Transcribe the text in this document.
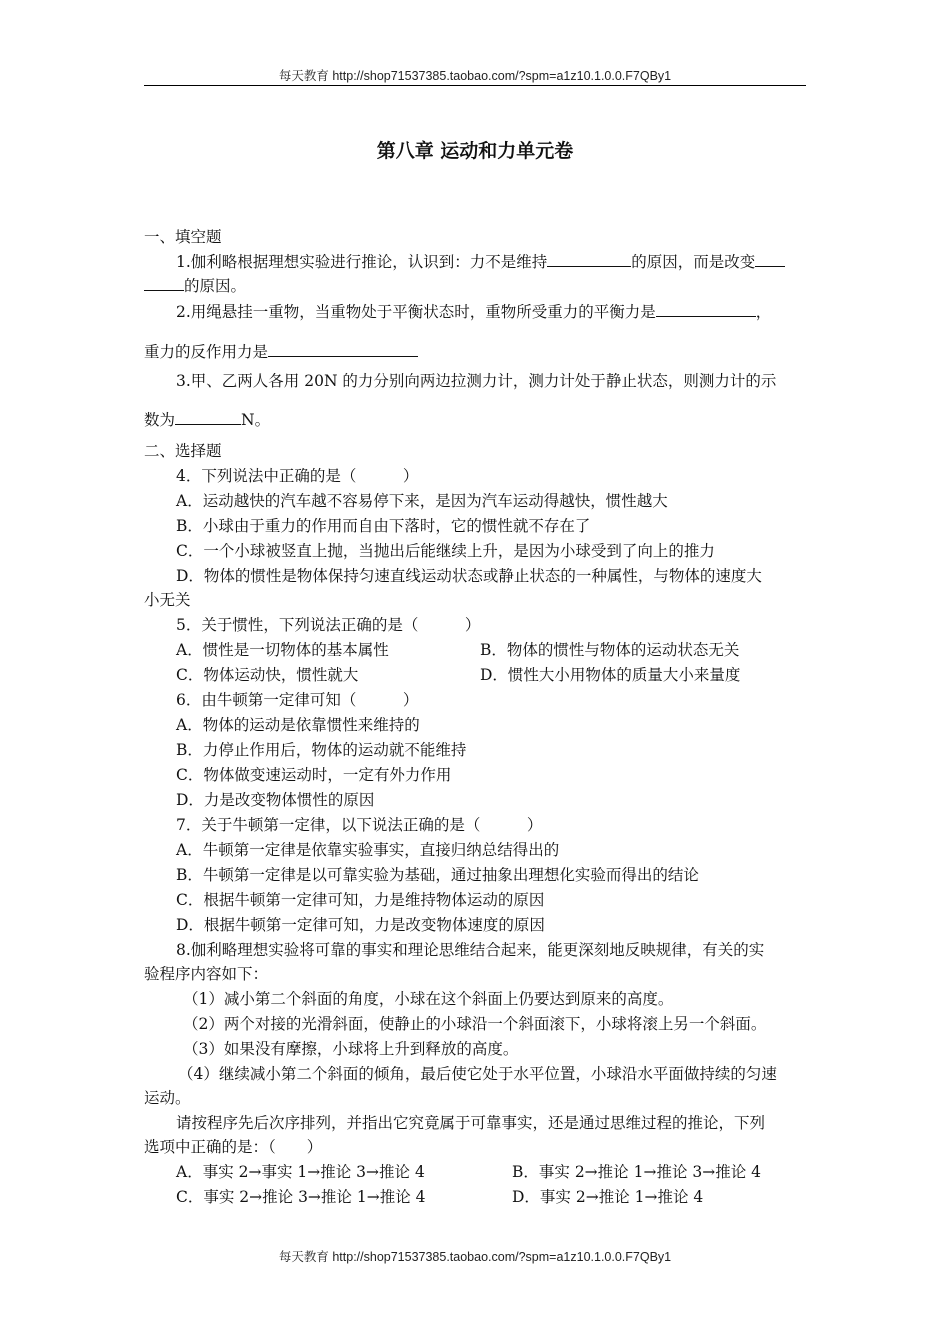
每天教育 http://shop71537385.taobao.com/?spm=a1z10.1.0.0.F7QBy1
第八章 运动和力单元卷
一、填空题
1.伽利略根据理想实验进行推论，认识到：力不是维持	的原因，而是改变
的原因。
2.用绳悬挂一重物，当重物处于平衡状态时，重物所受重力的平衡力是	，
重力的反作用力是
3.甲、乙两人各用 20N 的力分别向两边拉测力计，测力计处于静止状态，则测力计的示
数为	N。
二、选择题
4．下列说法中正确的是（　　　）
A．运动越快的汽车越不容易停下来，是因为汽车运动得越快，惯性越大
B．小球由于重力的作用而自由下落时，它的惯性就不存在了
C．一个小球被竖直上抛，当抛出后能继续上升，是因为小球受到了向上的推力
D．物体的惯性是物体保持匀速直线运动状态或静止状态的一种属性，与物体的速度大
小无关
5．关于惯性，下列说法正确的是（　　　）
A．惯性是一切物体的基本属性	B．物体的惯性与物体的运动状态无关
C．物体运动快，惯性就大	D．惯性大小用物体的质量大小来量度
6．由牛顿第一定律可知（　　　）
A．物体的运动是依靠惯性来维持的
B．力停止作用后，物体的运动就不能维持
C．物体做变速运动时，一定有外力作用
D．力是改变物体惯性的原因
7．关于牛顿第一定律，以下说法正确的是（　　　）
A．牛顿第一定律是依靠实验事实，直接归纳总结得出的
B．牛顿第一定律是以可靠实验为基础，通过抽象出理想化实验而得出的结论
C．根据牛顿第一定律可知，力是维持物体运动的原因
D．根据牛顿第一定律可知，力是改变物体速度的原因
8.伽利略理想实验将可靠的事实和理论思维结合起来，能更深刻地反映规律，有关的实
验程序内容如下：
（1）减小第二个斜面的角度，小球在这个斜面上仍要达到原来的高度。
（2）两个对接的光滑斜面，使静止的小球沿一个斜面滚下，小球将滚上另一个斜面。
（3）如果没有摩擦，小球将上升到释放的高度。
（4）继续减小第二个斜面的倾角，最后使它处于水平位置，小球沿水平面做持续的匀速
运动。
请按程序先后次序排列，并指出它究竟属于可靠事实，还是通过思维过程的推论，下列
选项中正确的是：（　　）
A．事实 2→事实 1→推论 3→推论 4	B．事实 2→推论 1→推论 3→推论 4
C．事实 2→推论 3→推论 1→推论 4	D．事实 2→推论 1→推论 4
每天教育 http://shop71537385.taobao.com/?spm=a1z10.1.0.0.F7QBy1
